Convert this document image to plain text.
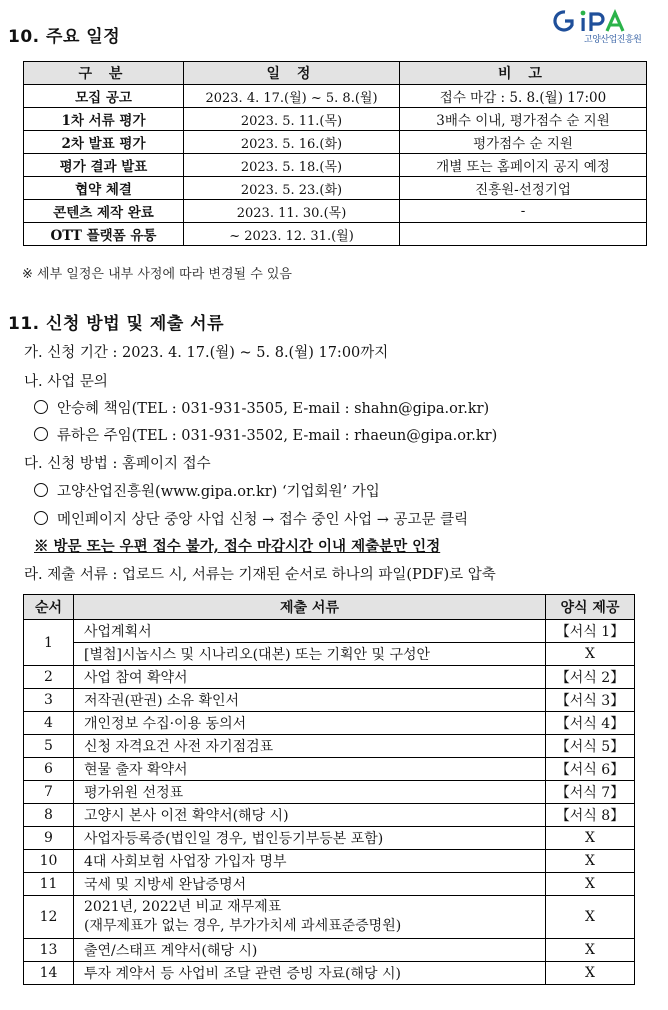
고양산업진흥원
10. 주요 일정
구 분	일 정	비 고
모집 공고	2023. 4. 17.(월) ~ 5. 8.(월)	접수 마감 : 5. 8.(월) 17:00
1차 서류 평가	2023. 5. 11.(목)	3배수 이내, 평가점수 순 지원
2차 발표 평가	2023. 5. 16.(화)	평가점수 순 지원
평가 결과 발표	2023. 5. 18.(목)	개별 또는 홈페이지 공지 예정
협약 체결	2023. 5. 23.(화)	진흥원-선정기업
콘텐츠 제작 완료	2023. 11. 30.(목)	-
OTT 플랫폼 유통	~ 2023. 12. 31.(월)	
※ 세부 일정은 내부 사정에 따라 변경될 수 있음
11. 신청 방법 및 제출 서류
가. 신청 기간 : 2023. 4. 17.(월) ~ 5. 8.(월) 17:00까지
나. 사업 문의
안승혜 책임(TEL : 031-931-3505, E-mail : shahn@gipa.or.kr)
류하은 주임(TEL : 031-931-3502, E-mail : rhaeun@gipa.or.kr)
다. 신청 방법 : 홈페이지 접수
고양산업진흥원(www.gipa.or.kr) ‘기업회원’ 가입
메인페이지 상단 중앙 사업 신청 → 접수 중인 사업 → 공고문 클릭
※ 방문 또는 우편 접수 불가, 접수 마감시간 이내 제출분만 인정
라. 제출 서류 : 업로드 시, 서류는 기재된 순서로 하나의 파일(PDF)로 압축
순서	제출 서류	양식 제공
1	사업계획서	【서식 1】
	[별첨]시놉시스 및 시나리오(대본) 또는 기획안 및 구성안	X
2	사업 참여 확약서	【서식 2】
3	저작권(판권) 소유 확인서	【서식 3】
4	개인정보 수집·이용 동의서	【서식 4】
5	신청 자격요건 사전 자기점검표	【서식 5】
6	현물 출자 확약서	【서식 6】
7	평가위원 선정표	【서식 7】
8	고양시 본사 이전 확약서(해당 시)	【서식 8】
9	사업자등록증(법인일 경우, 법인등기부등본 포함)	X
10	4대 사회보험 사업장 가입자 명부	X
11	국세 및 지방세 완납증명서	X
12	2021년, 2022년 비교 재무제표
(재무제표가 없는 경우, 부가가치세 과세표준증명원)	X
13	출연/스태프 계약서(해당 시)	X
14	투자 계약서 등 사업비 조달 관련 증빙 자료(해당 시)	X
